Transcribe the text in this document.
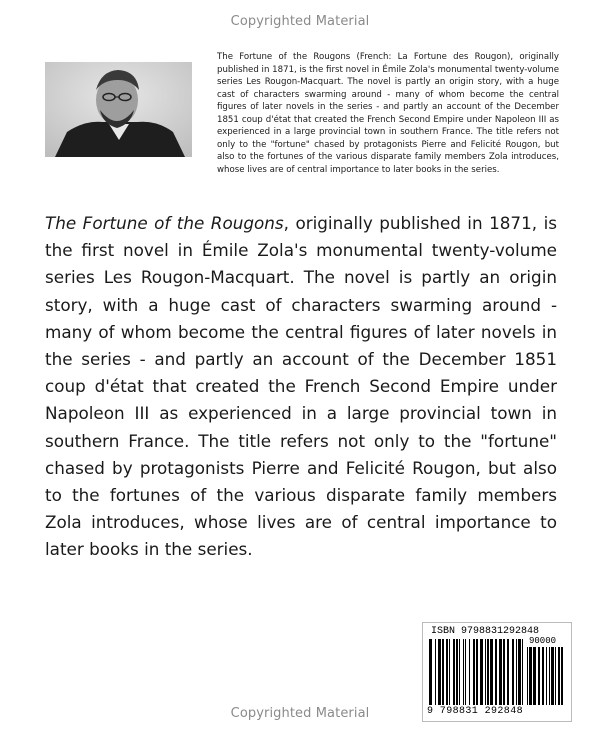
Copyrighted Material

The Fortune of the Rougons (French: La Fortune des Rougon), originally published in 1871, is the first novel in Émile Zola's monumental twenty-volume series Les Rougon-Macquart. The novel is partly an origin story, with a huge cast of characters swarming around - many of whom become the central figures of later novels in the series - and partly an account of the December 1851 coup d'état that created the French Second Empire under Napoleon III as experienced in a large provincial town in southern France. The title refers not only to the "fortune" chased by protagonists Pierre and Felicité Rougon, but also to the fortunes of the various disparate family members Zola introduces, whose lives are of central importance to later books in the series.

The Fortune of the Rougons, originally published in 1871, is the first novel in Émile Zola's monumental twenty-volume series Les Rougon-Macquart. The novel is partly an origin story, with a huge cast of characters swarming around - many of whom become the central figures of later novels in the series - and partly an account of the December 1851 coup d'état that created the French Second Empire under Napoleon III as experienced in a large provincial town in southern France. The title refers not only to the "fortune" chased by protagonists Pierre and Felicité Rougon, but also to the fortunes of the various disparate family members Zola introduces, whose lives are of central importance to later books in the series.

ISBN 9798831292848
90000
9 798831 292848
Copyrighted Material
